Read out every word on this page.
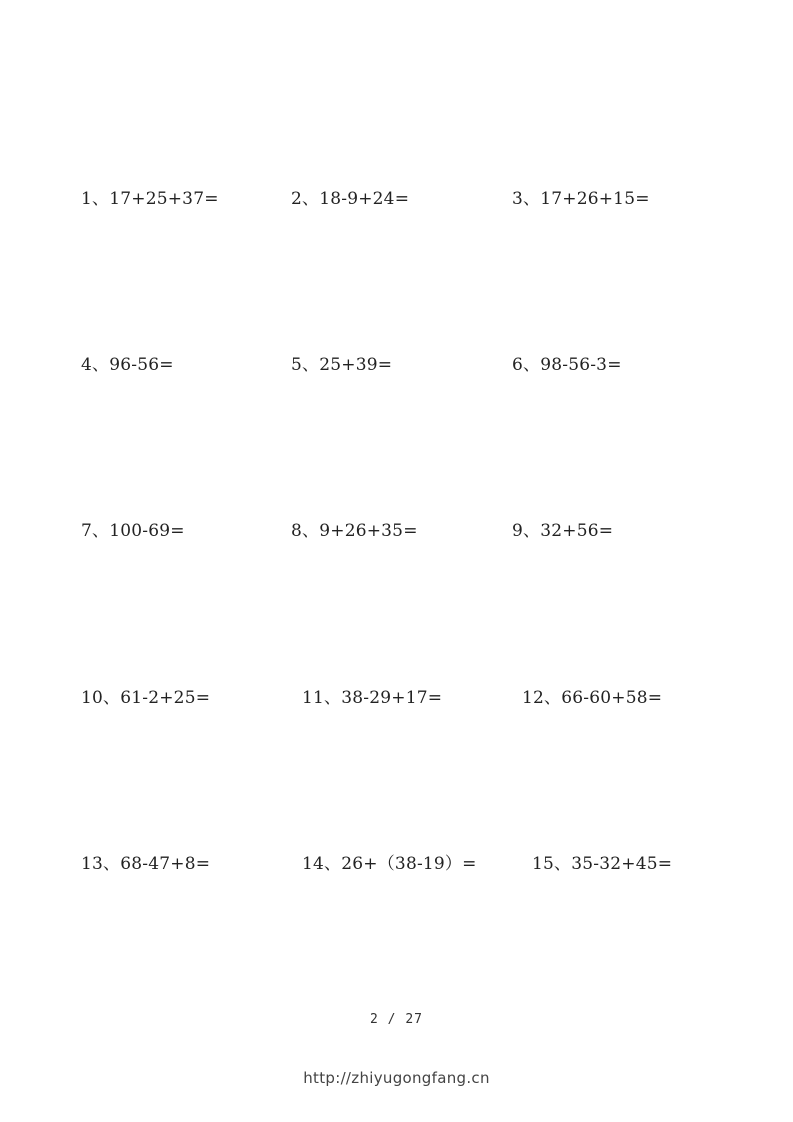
1、17+25+37=	2、18-9+24=	3、17+26+15=
4、96-56=	5、25+39=	6、98-56-3=
7、100-69=	8、9+26+35=	9、32+56=
10、61-2+25=	11、38-29+17=	12、66-60+58=
13、68-47+8=	14、26+（38-19）=	15、35-32+45=
2 / 27
http://zhiyugongfang.cn
